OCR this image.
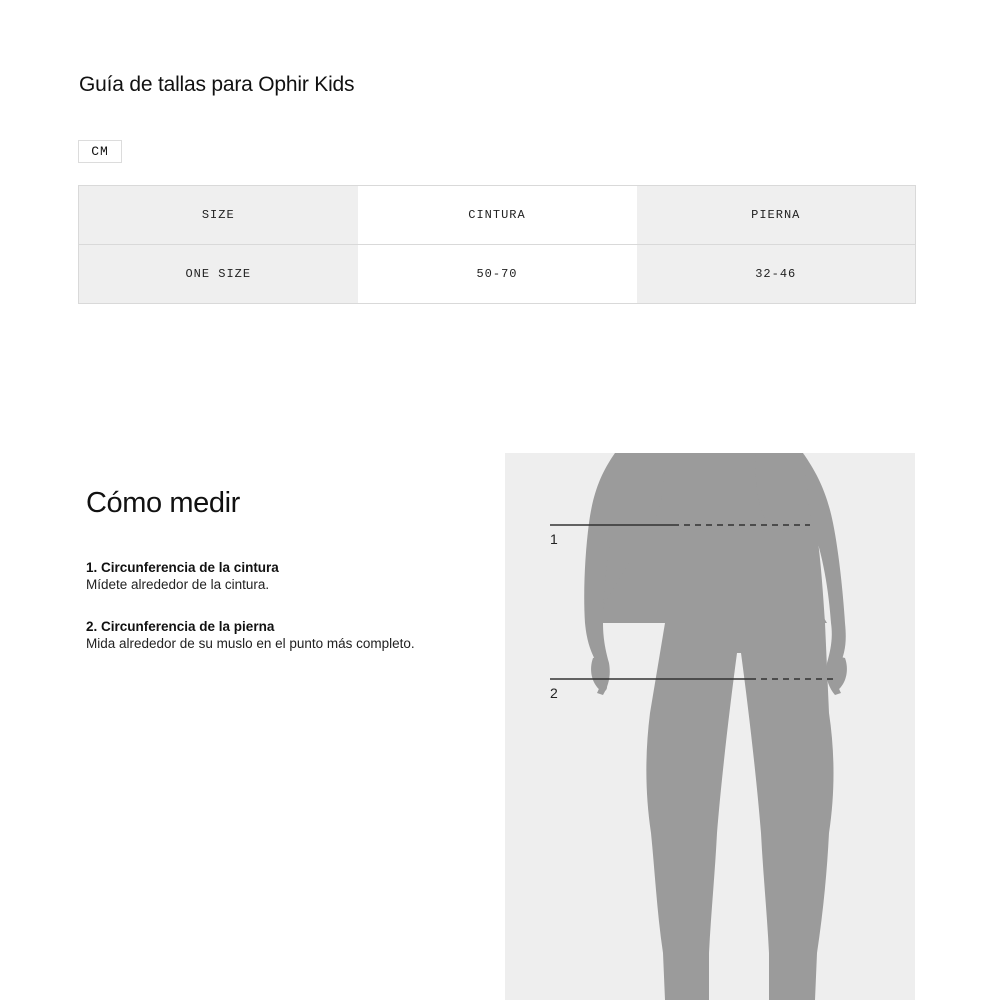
Guía de tallas para Ophir Kids
CM
SIZE	CINTURA	PIERNA
ONE SIZE	50-70	32-46
Cómo medir

1. Circunferencia de la cintura

Mídete alrededor de la cintura.

2. Circunferencia de la pierna

Mida alrededor de su muslo en el punto más completo.

1
2
